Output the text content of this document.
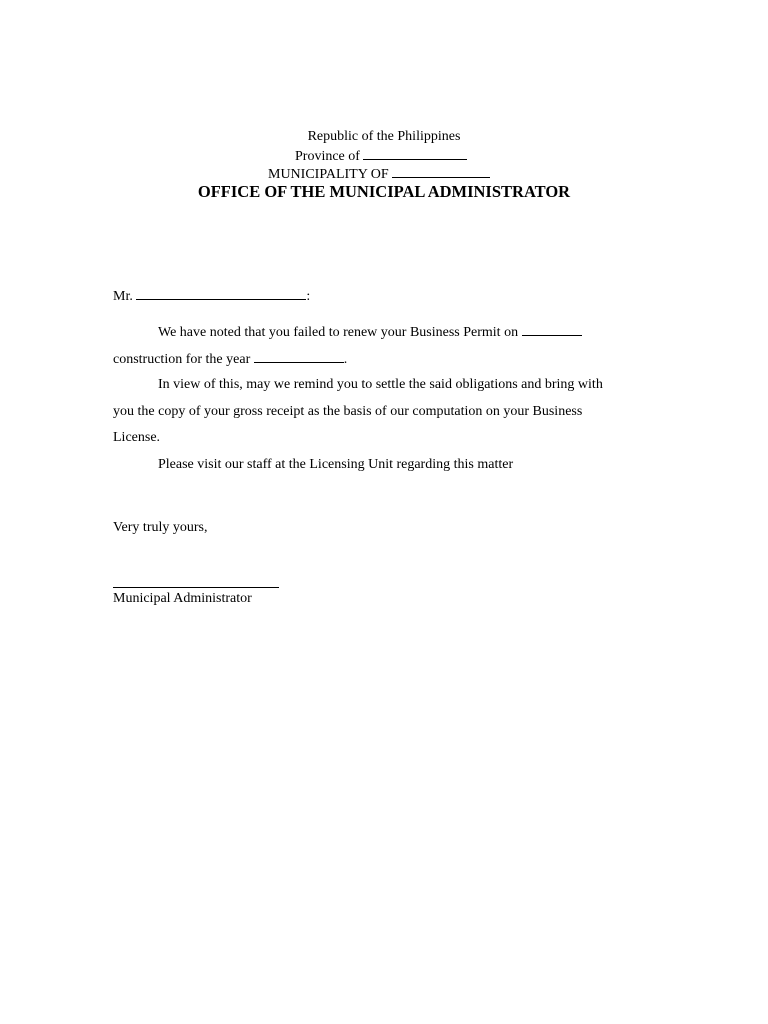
Republic of the Philippines
Province of
MUNICIPALITY OF
OFFICE OF THE MUNICIPAL ADMINISTRATOR
Mr.	:
We have noted that you failed to renew your Business Permit on
construction for the year	.
In view of this, may we remind you to settle the said obligations and bring with
you the copy of your gross receipt as the basis of our computation on your Business
License.
Please visit our staff at the Licensing Unit regarding this matter
Very truly yours,
Municipal Administrator
